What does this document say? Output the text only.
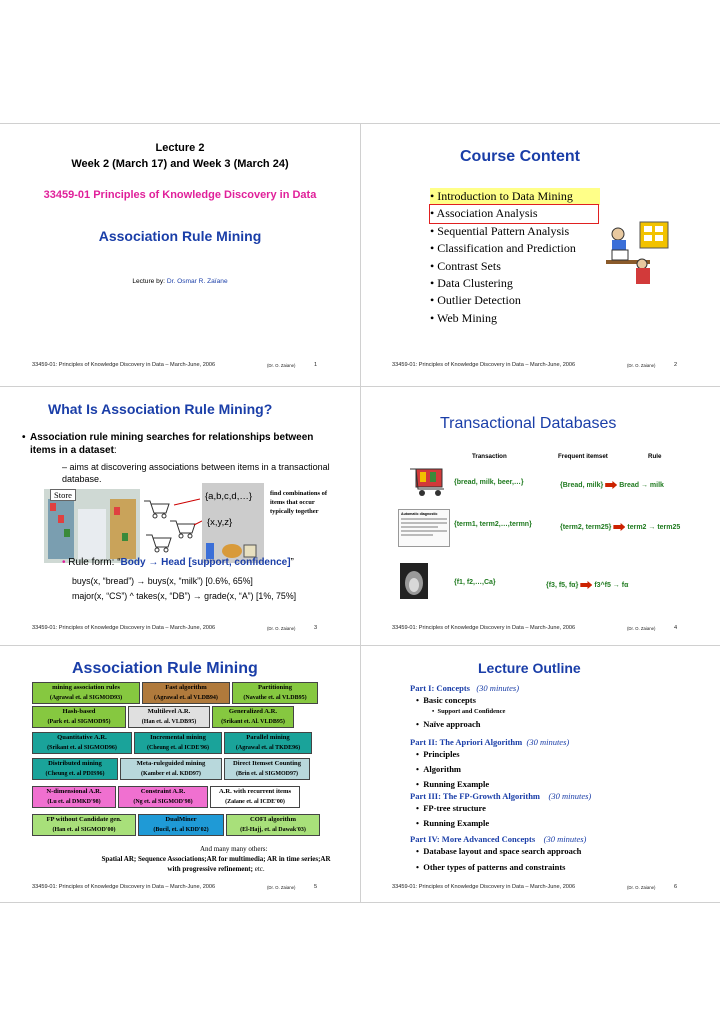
Lecture 2
Week 2 (March 17) and Week 3 (March 24)
33459-01 Principles of Knowledge Discovery in Data
Association Rule Mining
Lecture by: Dr. Osmar R. Zaïane
33459-01: Principles of Knowledge Discovery in Data – March-June, 2006	(Dr. O. Zaiane)	1
Course Content
• Introduction to Data Mining
• Association Analysis
• Sequential Pattern Analysis
• Classification and Prediction
• Contrast Sets
• Data Clustering
• Outlier Detection
• Web Mining
33459-01: Principles of Knowledge Discovery in Data – March-June, 2006	(Dr. O. Zaiane)	2
What Is Association Rule Mining?
• Association rule mining searches for relationships between items in a dataset:
– aims at discovering associations between items in a transactional database.
Store	{a,b,c,d,…}
{x,y,z}
find combinations of items that occur typically together
• Rule form: “Body → Head [support, confidence]”
buys(x, “bread”) → buys(x, “milk”) [0.6%, 65%]
major(x, “CS”) ^ takes(x, “DB”) → grade(x, “A”) [1%, 75%]
33459-01: Principles of Knowledge Discovery in Data – March-June, 2006	(Dr. O. Zaiane)	3
Transactional Databases
Transaction	Frequent itemset	Rule
{bread, milk, beer,…}	{Bread, milk} Bread → milk
Automatic diagnostic
{term1, term2,…,termn}	{term2, term25} term2 → term25
{f1, f2,…,Ca}	{f3, f5, fα} f3^f5 → fα
33459-01: Principles of Knowledge Discovery in Data – March-June, 2006	(Dr. O. Zaiane)	4
Association Rule Mining
mining association rules
(Agrawal et. al SIGMOD93)
Fast algorithm
(Agrawal et. al VLDB94)
Partitioning
(Navathe et. al VLDB95)
Hash-based
(Park et. al SIGMOD95)
Multilevel A.R.
(Han et. al. VLDB95)
Generalized A.R.
(Srikant et. Al. VLDB95)
Quantitative A.R.
(Srikant et. al SIGMOD96)
Incremental mining
(Cheung et. al ICDE'96)
Parallel mining
(Agrawal et. al TKDE96)
Distributed mining
(Cheung et. al PDIS96)
Meta-ruleguided mining
(Kamber et al. KDD97)
Direct Itemset Counting
(Brin et. al SIGMOD97)
N-dimensional A.R.
(Lu et. al DMKD'98)
Constraint A.R.
(Ng et. al SIGMOD'98)
A.R. with recurrent items
(Zaïane et. al ICDE'00)
FP without Candidate gen.
(Han et. al SIGMOD'00)
DualMiner
(Bucil, et. al KDD'02)
COFI algorithm
(El-Hajj, et. al Dawak'03)
And many many others:
Spatial AR; Sequence Associations;AR for multimedia; AR in time series;AR with progressive refinement; etc.
33459-01: Principles of Knowledge Discovery in Data – March-June, 2006	(Dr. O. Zaiane)	5
Lecture Outline
Part I: Concepts (30 minutes)
•  Basic concepts
•  Support and Confidence
•  Naïve approach
Part II: The Apriori Algorithm (30 minutes)
•  Principles
•  Algorithm
•  Running Example
Part III: The FP-Growth Algorithm (30 minutes)
•  FP-tree structure
•  Running Example
Part IV: More Advanced Concepts (30 minutes)
•  Database layout and space search approach
•  Other types of patterns and constraints
33459-01: Principles of Knowledge Discovery in Data – March-June, 2006	(Dr. O. Zaiane)	6
